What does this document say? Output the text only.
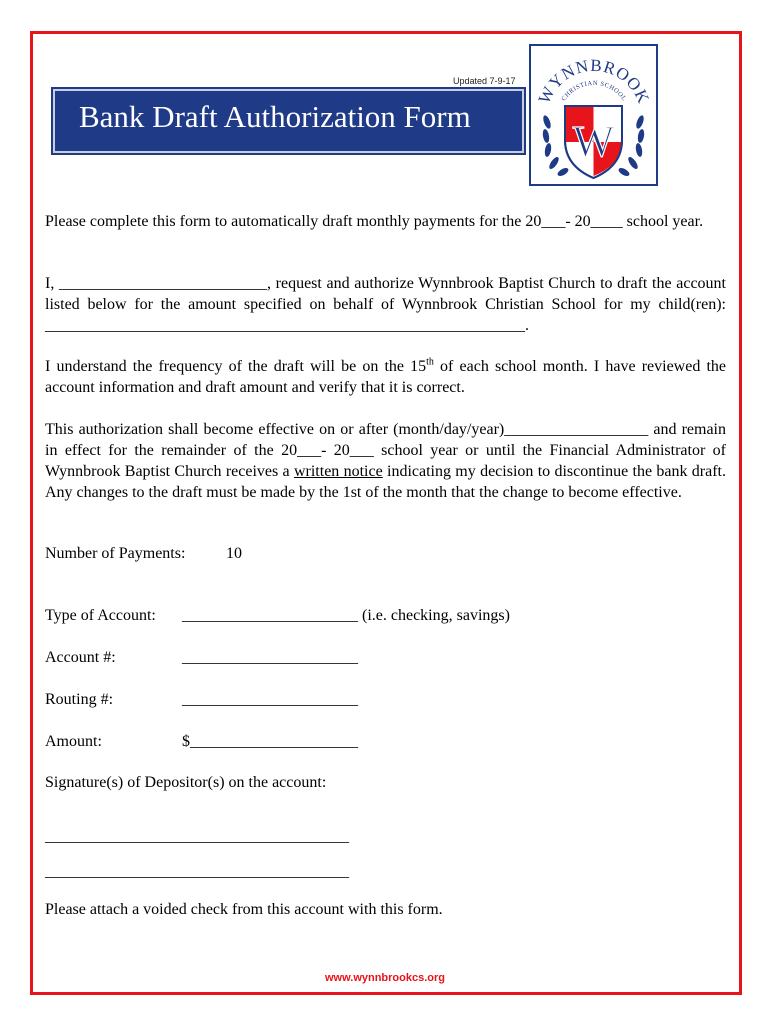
Updated 7-9-17
Bank Draft Authorization Form
WYNNBROOK
CHRISTIAN SCHOOL
W
Please complete this form to automatically draft monthly payments for the 20___- 20____ school year.
I, __________________________, request and authorize Wynnbrook Baptist Church to draft the account listed below for the amount specified on behalf of Wynnbrook Christian School for my child(ren): ____________________________________________________________.
I understand the frequency of the draft will be on the 15th of each school month. I have reviewed the account information and draft amount and verify that it is correct.
This authorization shall become effective on or after (month/day/year)__________________ and remain in effect for the remainder of the 20___- 20___ school year or until the Financial Administrator of Wynnbrook Baptist Church receives a written notice indicating my decision to discontinue the bank draft. Any changes to the draft must be made by the 1st of the month that the change to become effective.
Number of Payments:	10
Type of Account: ______________________ (i.e. checking, savings)
Account #:	______________________
Routing #:	______________________
Amount:	$_____________________
Signature(s) of Depositor(s) on the account:
______________________________________
______________________________________
Please attach a voided check from this account with this form.
www.wynnbrookcs.org
